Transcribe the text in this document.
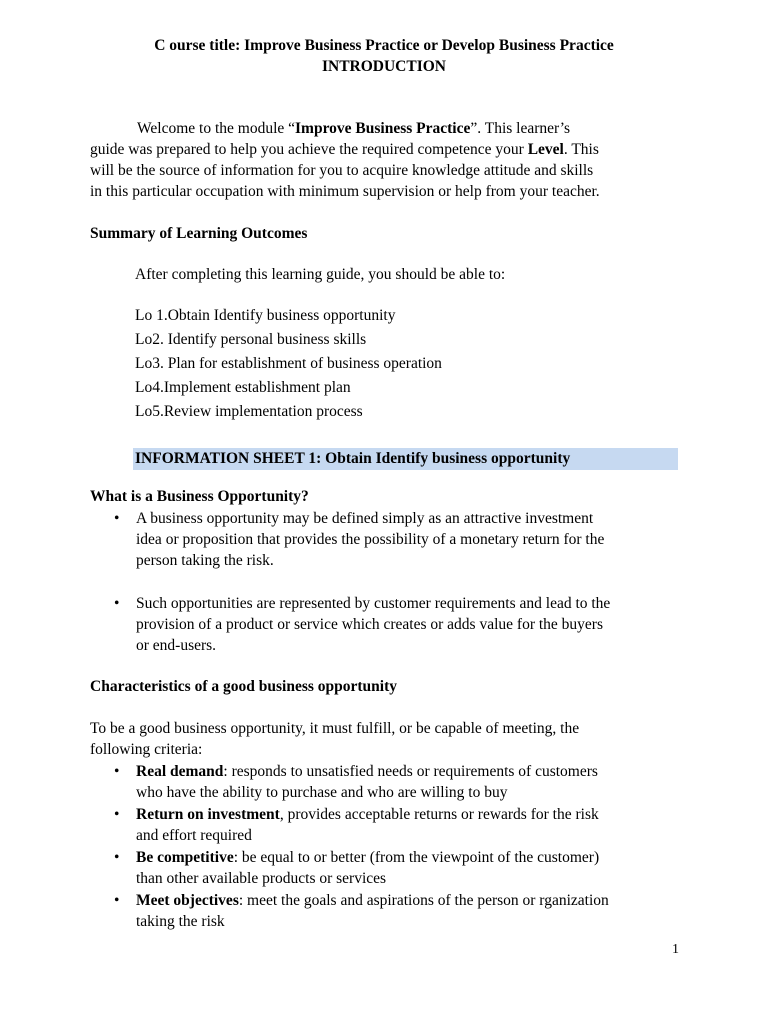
C ourse title: Improve Business Practice or Develop Business Practice
INTRODUCTION
Welcome to the module “Improve Business Practice”. This learner’s
guide was prepared to help you achieve the required competence your Level. This
will be the source of information for you to acquire knowledge attitude and skills
in this particular occupation with minimum supervision or help from your teacher.
Summary of Learning Outcomes
After completing this learning guide, you should be able to:
Lo 1.Obtain Identify business opportunity
Lo2. Identify personal business skills
Lo3. Plan for establishment of business operation
Lo4.Implement establishment plan
Lo5.Review implementation process
INFORMATION SHEET 1: Obtain Identify business opportunity
What is a Business Opportunity?
• A business opportunity may be defined simply as an attractive investment
idea or proposition that provides the possibility of a monetary return for the
person taking the risk.
• Such opportunities are represented by customer requirements and lead to the
provision of a product or service which creates or adds value for the buyers
or end-users.
Characteristics of a good business opportunity
To be a good business opportunity, it must fulfill, or be capable of meeting, the
following criteria:
• Real demand: responds to unsatisfied needs or requirements of customers
who have the ability to purchase and who are willing to buy
• Return on investment, provides acceptable returns or rewards for the risk
and effort required
• Be competitive: be equal to or better (from the viewpoint of the customer)
than other available products or services
• Meet objectives: meet the goals and aspirations of the person or rganization
taking the risk
1
